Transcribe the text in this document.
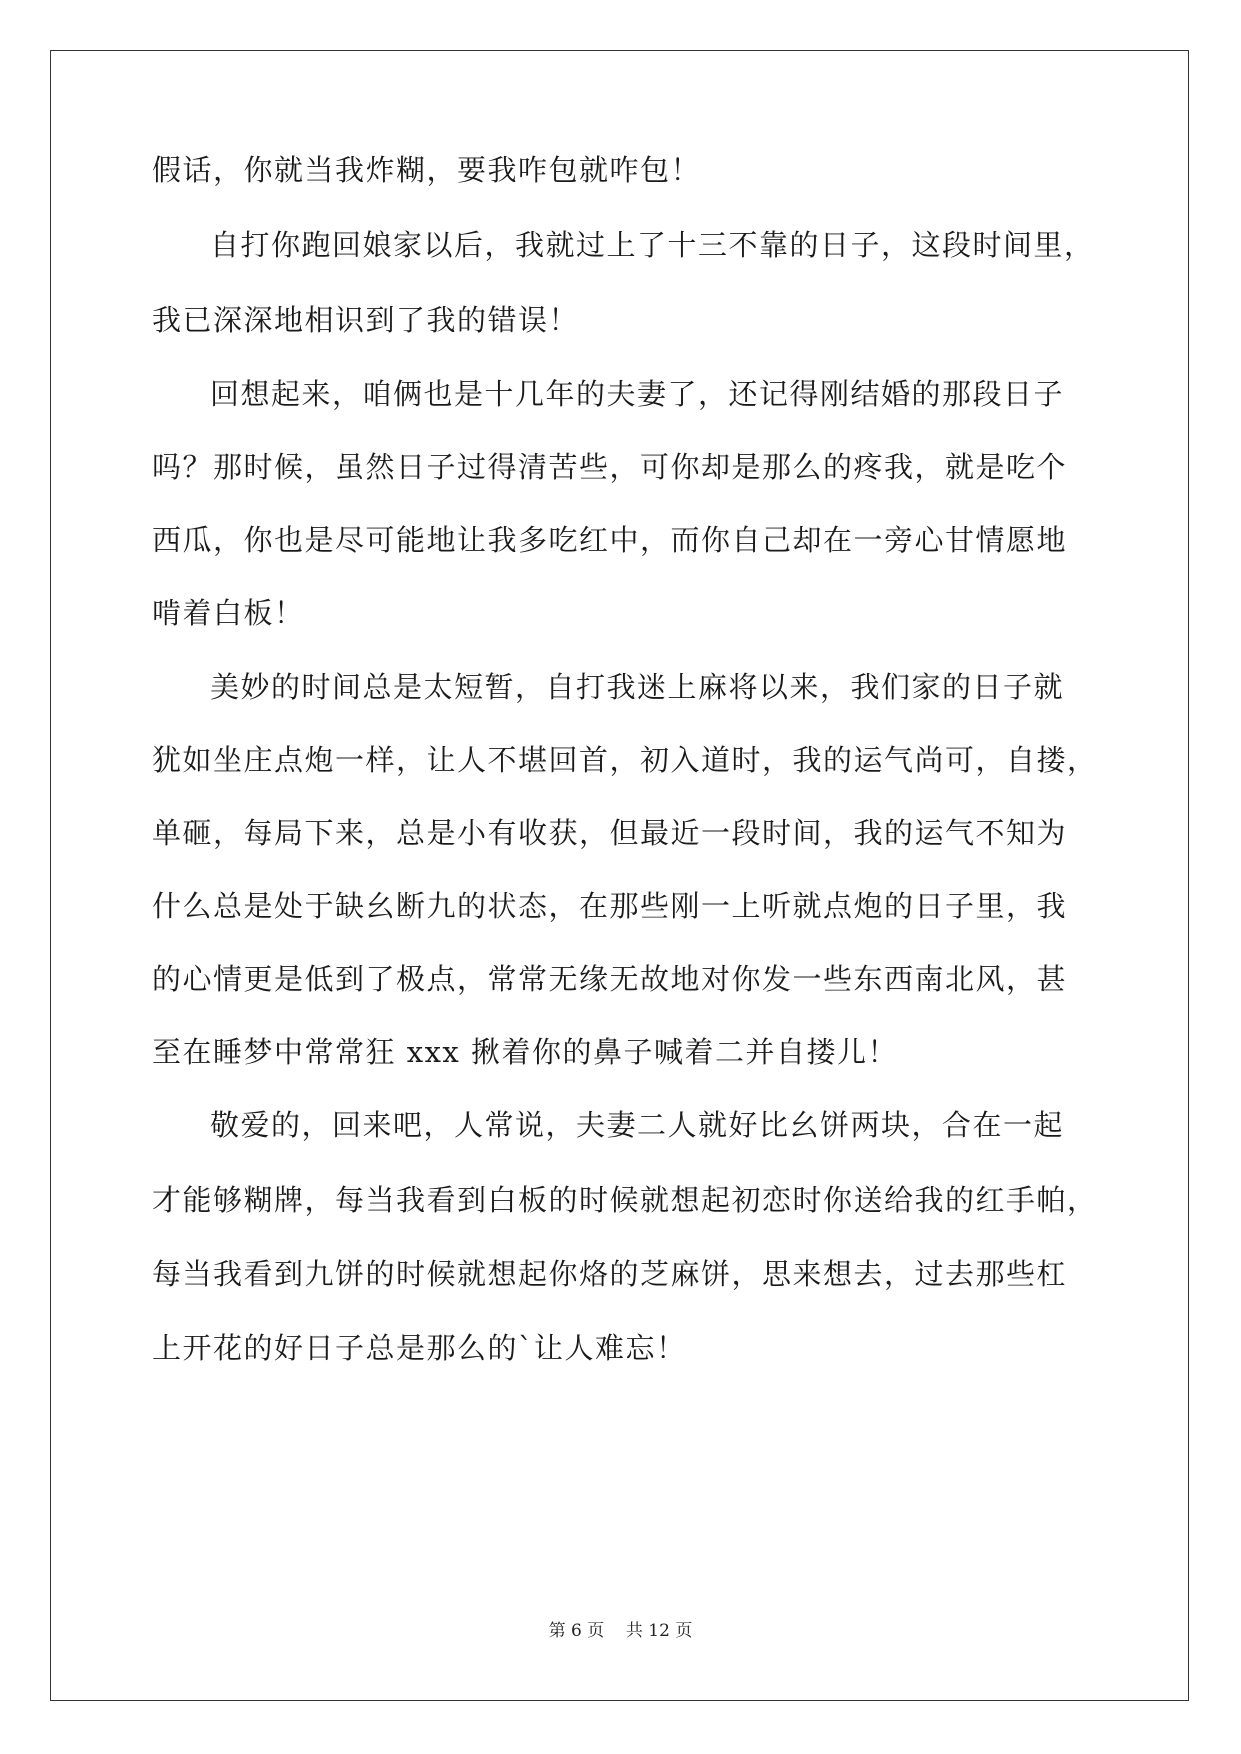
假话，你就当我炸糊，要我咋包就咋包！
自打你跑回娘家以后，我就过上了十三不靠的日子，这段时间里，
我已深深地相识到了我的错误！
回想起来，咱俩也是十几年的夫妻了，还记得刚结婚的那段日子
吗？那时候，虽然日子过得清苦些，可你却是那么的疼我，就是吃个
西瓜，你也是尽可能地让我多吃红中，而你自己却在一旁心甘情愿地
啃着白板！
美妙的时间总是太短暂，自打我迷上麻将以来，我们家的日子就
犹如坐庄点炮一样，让人不堪回首，初入道时，我的运气尚可，自搂，
单砸，每局下来，总是小有收获，但最近一段时间，我的运气不知为
什么总是处于缺幺断九的状态，在那些刚一上听就点炮的日子里，我
的心情更是低到了极点，常常无缘无故地对你发一些东西南北风，甚
至在睡梦中常常狂 xxx 揪着你的鼻子喊着二并自搂儿！
敬爱的，回来吧，人常说，夫妻二人就好比幺饼两块，合在一起
才能够糊牌，每当我看到白板的时候就想起初恋时你送给我的红手帕，
每当我看到九饼的时候就想起你烙的芝麻饼，思来想去，过去那些杠
上开花的好日子总是那么的`让人难忘！
第 6 页 共 12 页
